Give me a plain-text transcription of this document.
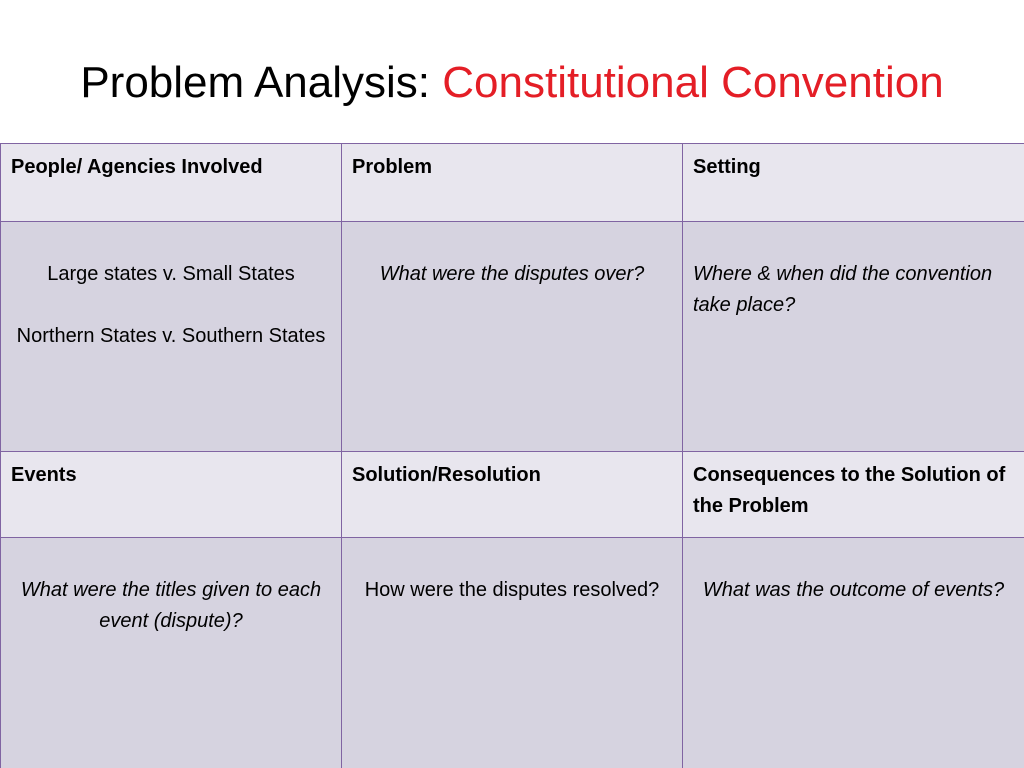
Problem Analysis: Constitutional Convention
People/ Agencies Involved	Problem	Setting

Large states v. Small States
Northern States v. Southern States	What were the disputes over?	Where & when did the convention take place?
Events	Solution/Resolution	Consequences to the Solution of the Problem
What were the titles given to each event (dispute)?	How were the disputes resolved?	What was the outcome of events?
